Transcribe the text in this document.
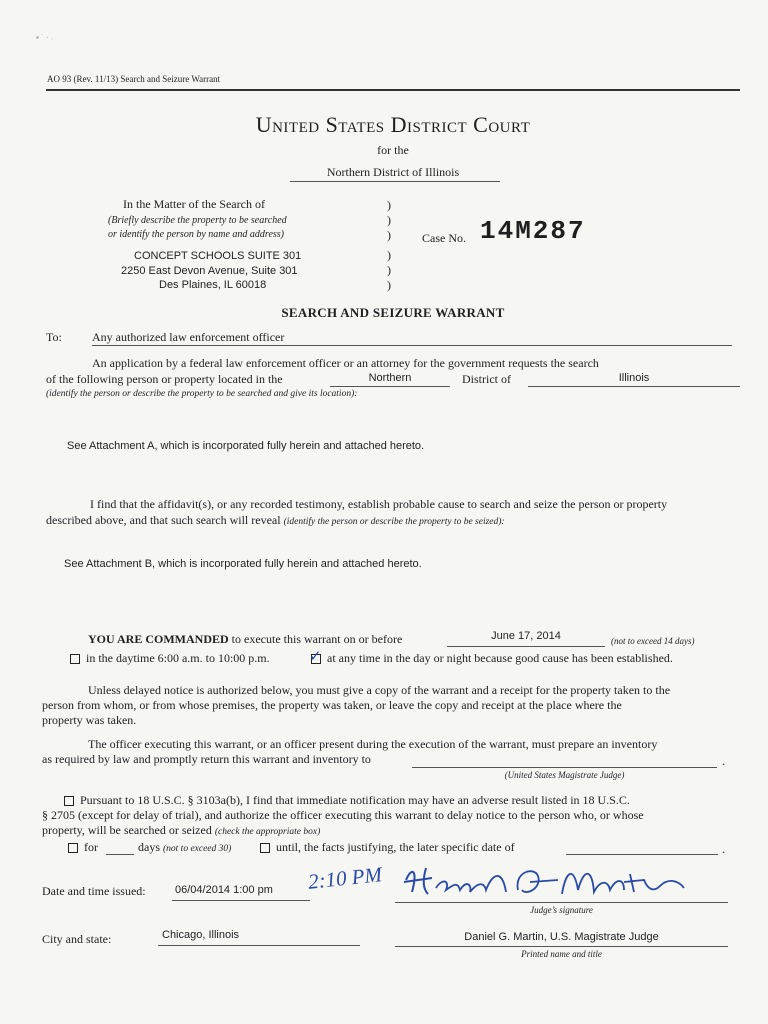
▪ ˙ · ˒
AO 93 (Rev. 11/13) Search and Seizure Warrant
United States District Court
for the
Northern District of Illinois
In the Matter of the Search of
(Briefly describe the property to be searched
or identify the person by name and address)
CONCEPT SCHOOLS SUITE 301
2250 East Devon Avenue, Suite 301
Des Plaines, IL 60018
)
)
)
)
)
)
Case No. 14M287
SEARCH AND SEIZURE WARRANT
To:	Any authorized law enforcement officer
An application by a federal law enforcement officer or an attorney for the government requests the search
of the following person or property located in the	Northern	District of	Illinois
(identify the person or describe the property to be searched and give its location):
See Attachment A, which is incorporated fully herein and attached hereto.
I find that the affidavit(s), or any recorded testimony, establish probable cause to search and seize the person or property
described above, and that such search will reveal (identify the person or describe the property to be seized):
See Attachment B, which is incorporated fully herein and attached hereto.
YOU ARE COMMANDED to execute this warrant on or before	June 17, 2014	(not to exceed 14 days)
in the daytime 6:00 a.m. to 10:00 p.m.	✓ at any time in the day or night because good cause has been established.
Unless delayed notice is authorized below, you must give a copy of the warrant and a receipt for the property taken to the
person from whom, or from whose premises, the property was taken, or leave the copy and receipt at the place where the
property was taken.
The officer executing this warrant, or an officer present during the execution of the warrant, must prepare an inventory
as required by law and promptly return this warrant and inventory to	.
(United States Magistrate Judge)
Pursuant to 18 U.S.C. § 3103a(b), I find that immediate notification may have an adverse result listed in 18 U.S.C.
§ 2705 (except for delay of trial), and authorize the officer executing this warrant to delay notice to the person who, or whose
property, will be searched or seized (check the appropriate box)
for	days (not to exceed 30)	until, the facts justifying, the later specific date of	.
Date and time issued:	06/04/2014 1:00 pm 2:10 PM
Judge’s signature
City and state:	Chicago, Illinois	Daniel G. Martin, U.S. Magistrate Judge
Printed name and title
